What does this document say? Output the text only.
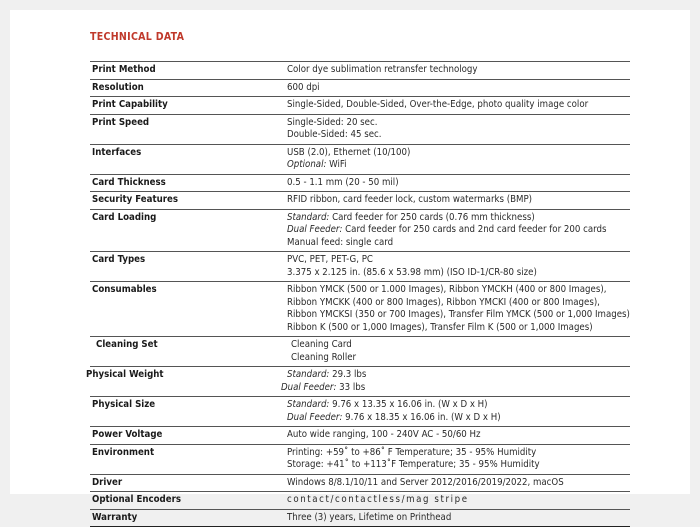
TECHNICAL DATA
Print Method	Color dye sublimation retransfer technology

Resolution	600 dpi

Print Capability	Single-Sided, Double-Sided, Over-the-Edge, photo quality image color

Print Speed	Single-Sided: 20 sec.
Double-Sided: 45 sec.

Interfaces	USB (2.0), Ethernet (10/100)
Optional: WiFi

Card Thickness	0.5 - 1.1 mm (20 - 50 mil)

Security Features	RFID ribbon, card feeder lock, custom watermarks (BMP)

Card Loading	Standard: Card feeder for 250 cards (0.76 mm thickness)
Dual Feeder: Card feeder for 250 cards and 2nd card feeder for 200 cards
Manual feed: single card

Card Types	PVC, PET, PET-G, PC
3.375 x 2.125 in. (85.6 x 53.98 mm) (ISO ID-1/CR-80 size)

Consumables	Ribbon YMCK (500 or 1.000 Images), Ribbon YMCKH (400 or 800 Images),
Ribbon YMCKK (400 or 800 Images), Ribbon YMCKI (400 or 800 Images),
Ribbon YMCKSI (350 or 700 Images), Transfer Film YMCK (500 or 1,000 Images)
Ribbon K (500 or 1,000 Images), Transfer Film K (500 or 1,000 Images)

Cleaning Set	Cleaning Card
Cleaning Roller

Physical Weight	Standard: 29.3 lbs
Dual Feeder: 33 lbs

Physical Size	Standard: 9.76 x 13.35 x 16.06 in. (W x D x H)
Dual Feeder: 9.76 x 18.35 x 16.06 in. (W x D x H)

Power Voltage	Auto wide ranging, 100 - 240V AC - 50/60 Hz

Environment	Printing: +59˚ to +86˚ F Temperature; 35 - 95% Humidity
Storage: +41˚ to +113˚F Temperature; 35 - 95% Humidity

Driver	Windows 8/8.1/10/11 and Server 2012/2016/2019/2022, macOS

Optional Encoders	contact/contactless/mag stripe

Warranty	Three (3) years, Lifetime on Printhead
